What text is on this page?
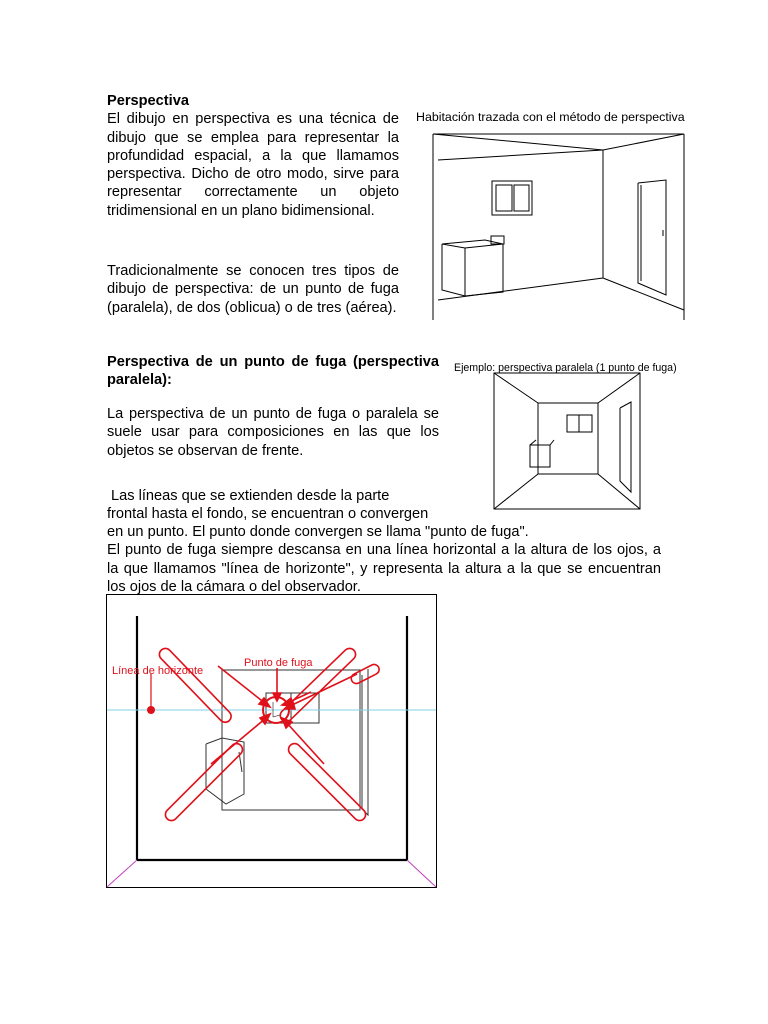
Perspectiva

El dibujo en perspectiva es una técnica de dibujo que se emplea para representar la profundidad espacial, a la que llamamos perspectiva. Dicho de otro modo, sirve para representar correctamente un objeto tridimensional en un plano bidimensional.

Tradicionalmente se conocen tres tipos de dibujo de perspectiva: de un punto de fuga (paralela), de dos (oblicua) o de tres (aérea).

Habitación trazada con el método de perspectiva

Perspectiva de un punto de fuga (perspectiva paralela):

La perspectiva de un punto de fuga o paralela se suele usar para composiciones en las que los objetos se observan de frente.

Ejemplo: perspectiva paralela (1 punto de fuga)
Las líneas que se extienden desde la parte
frontal hasta el fondo, se encuentran o convergen
en un punto. El punto donde convergen se llama "punto de fuga".

El punto de fuga siempre descansa en una línea horizontal a la altura de los ojos, a la que llamamos "línea de horizonte", y representa la altura a la que se encuentran los ojos de la cámara o del observador.

Línea de horizonte
Punto de fuga
